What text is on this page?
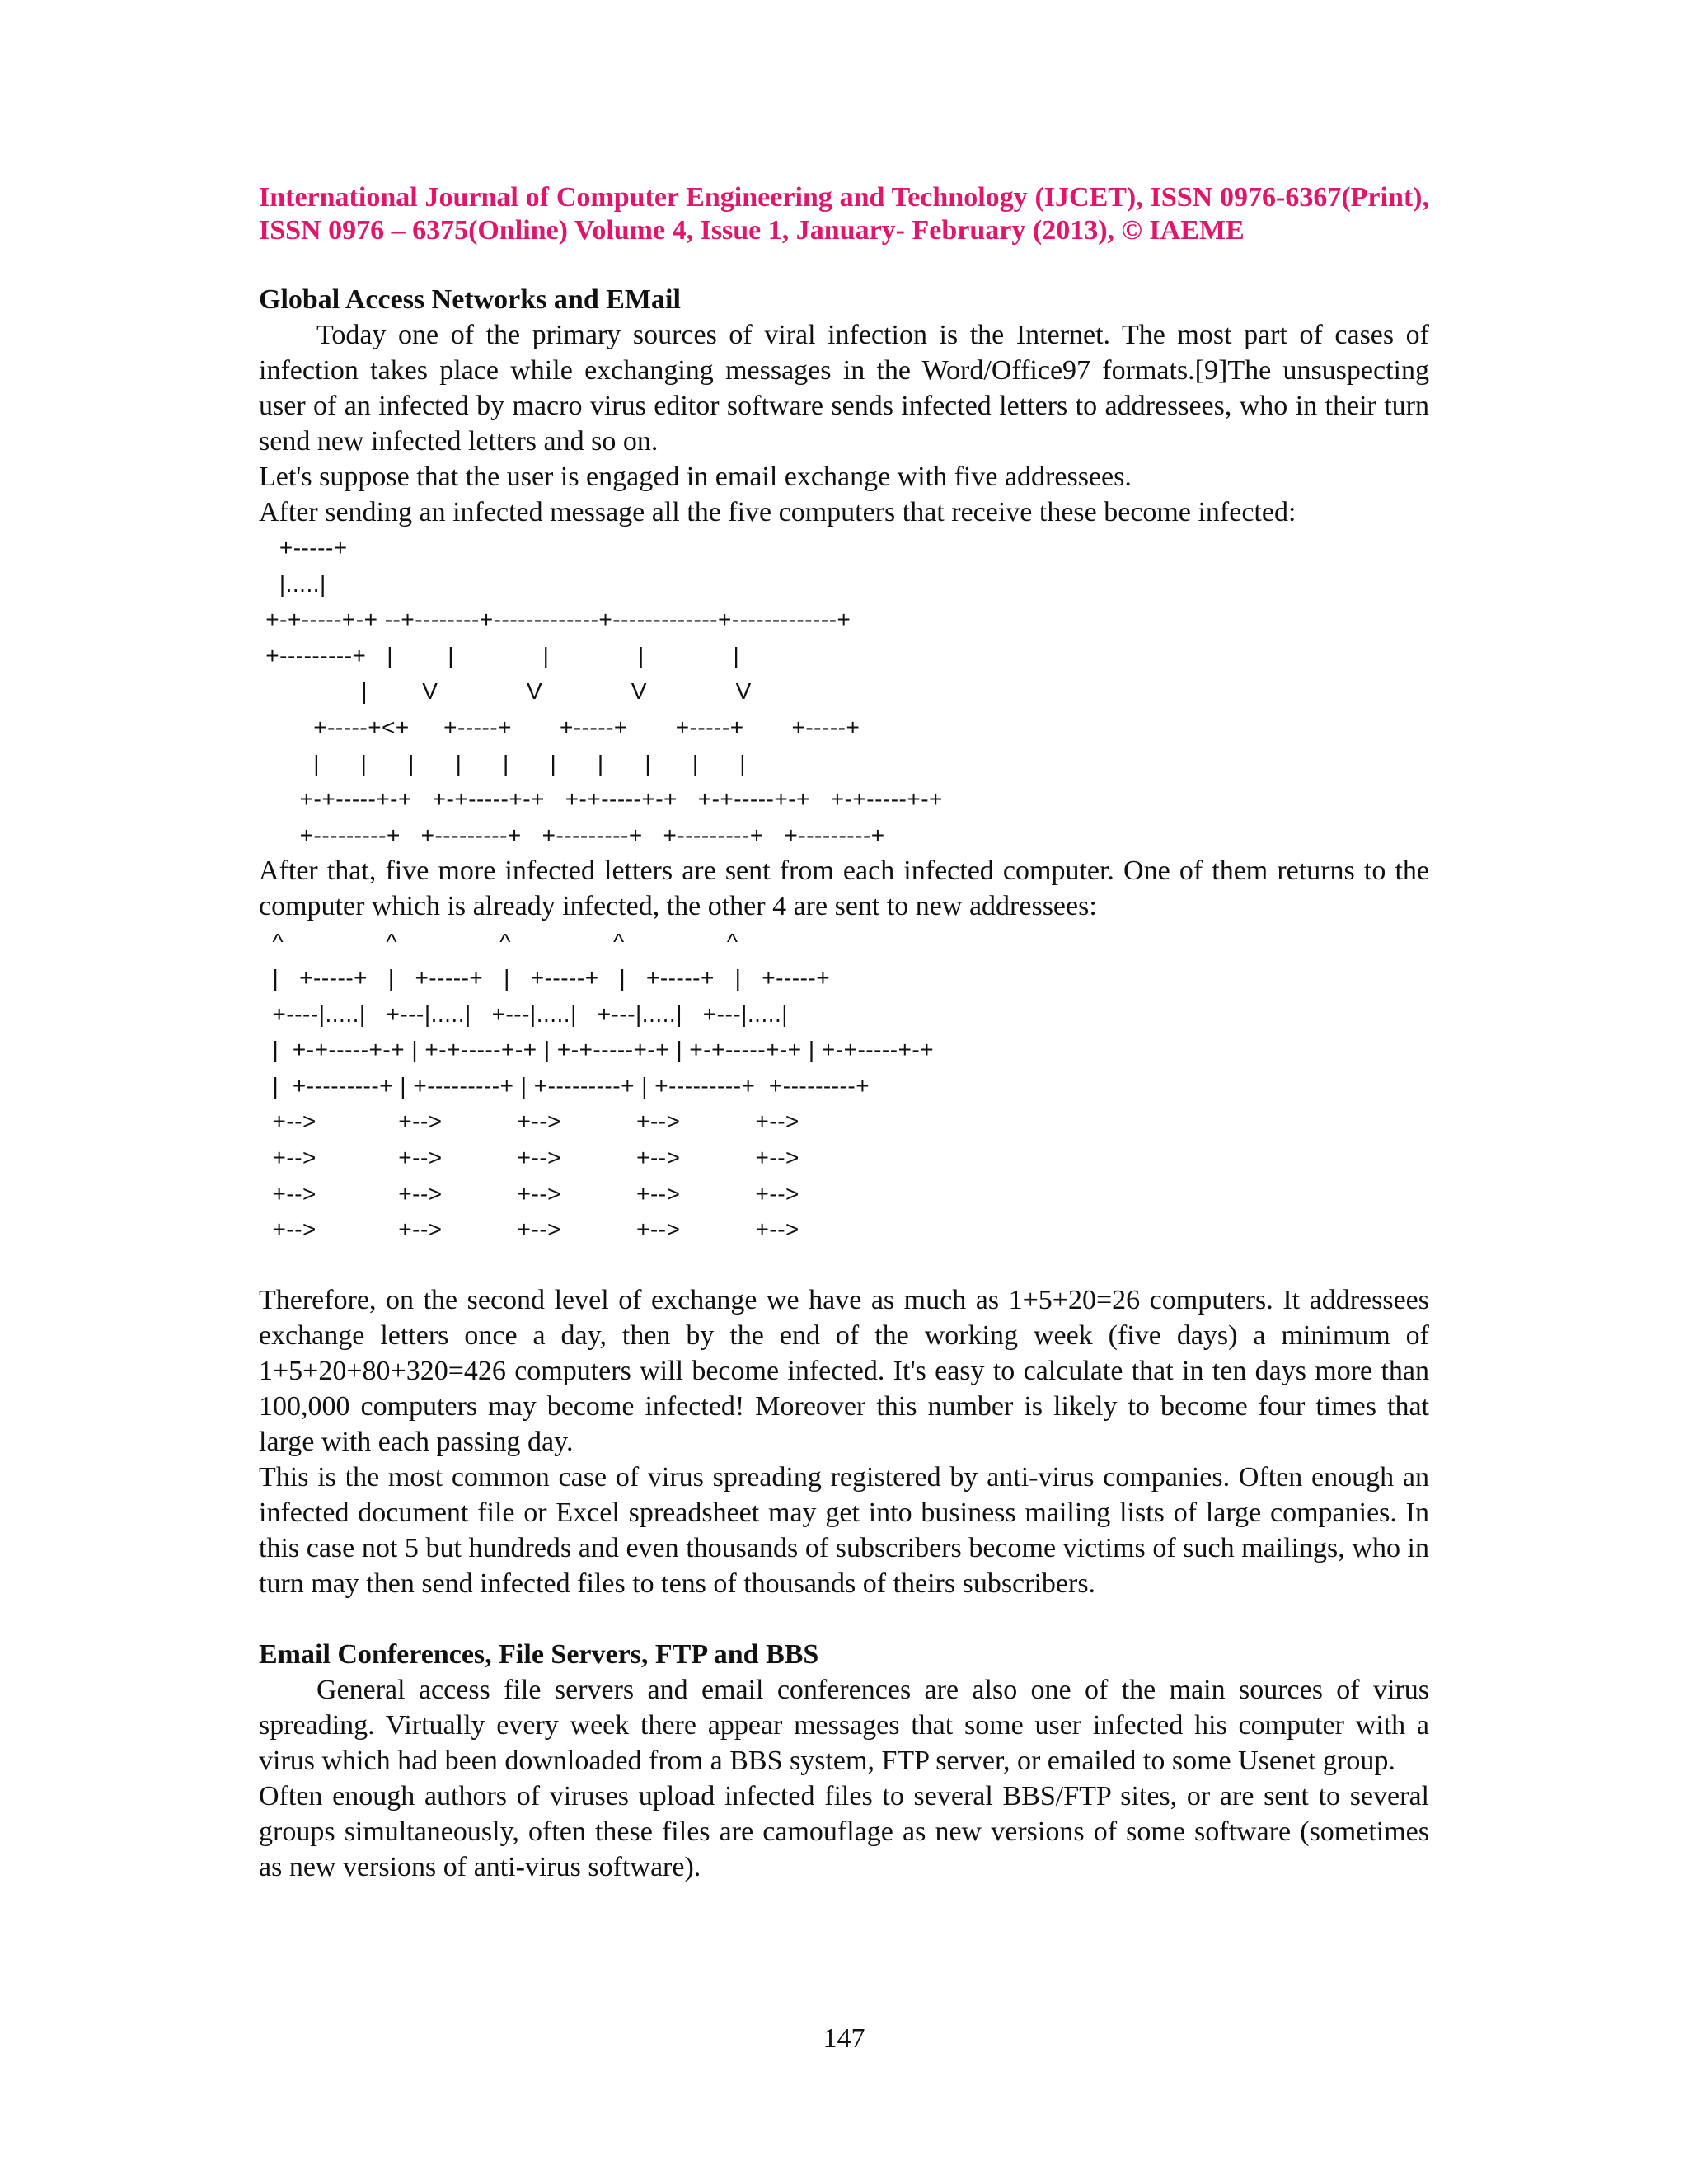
International Journal of Computer Engineering and Technology (IJCET), ISSN 0976-6367(Print), ISSN 0976 – 6375(Online) Volume 4, Issue 1, January- February (2013), © IAEME

Global Access Networks and EMail

Today one of the primary sources of viral infection is the Internet. The most part of cases of infection takes place while exchanging messages in the Word/Office97 formats.[9]The unsuspecting user of an infected by macro virus editor software sends infected letters to addressees, who in their turn send new infected letters and so on.

Let's suppose that the user is engaged in email exchange with five addressees.

After sending an infected message all the five computers that receive these become infected:

+-----+
|.....|
+-+-----+-+ --+--------+-------------+-------------+-------------+
+---------+   |        |             |             |             |
|        V             V             V             V
+-----+<+     +-----+       +-----+       +-----+       +-----+
|      |      |      |      |      |      |      |      |      |
+-+-----+-+   +-+-----+-+   +-+-----+-+   +-+-----+-+   +-+-----+-+
+---------+   +---------+   +---------+   +---------+   +---------+

After that, five more infected letters are sent from each infected computer. One of them returns to the computer which is already infected, the other 4 are sent to new addressees:

^               ^               ^               ^               ^
|   +-----+   |   +-----+   |   +-----+   |   +-----+   |   +-----+
+----|.....|   +---|.....|   +---|.....|   +---|.....|   +---|.....|
|  +-+-----+-+ | +-+-----+-+ | +-+-----+-+ | +-+-----+-+ | +-+-----+-+
|  +---------+ | +---------+ | +---------+ | +---------+  +---------+
+-->            +-->           +-->           +-->           +-->
+-->            +-->           +-->           +-->           +-->
+-->            +-->           +-->           +-->           +-->
+-->            +-->           +-->           +-->           +-->

Therefore, on the second level of exchange we have as much as 1+5+20=26 computers. It addressees exchange letters once a day, then by the end of the working week (five days) a minimum of 1+5+20+80+320=426 computers will become infected. It's easy to calculate that in ten days more than 100,000 computers may become infected! Moreover this number is likely to become four times that large with each passing day.

This is the most common case of virus spreading registered by anti-virus companies. Often enough an infected document file or Excel spreadsheet may get into business mailing lists of large companies. In this case not 5 but hundreds and even thousands of subscribers become victims of such mailings, who in turn may then send infected files to tens of thousands of theirs subscribers.

Email Conferences, File Servers, FTP and BBS

General access file servers and email conferences are also one of the main sources of virus spreading. Virtually every week there appear messages that some user infected his computer with a virus which had been downloaded from a BBS system, FTP server, or emailed to some Usenet group.

Often enough authors of viruses upload infected files to several BBS/FTP sites, or are sent to several groups simultaneously, often these files are camouflage as new versions of some software (sometimes as new versions of anti-virus software).

147
